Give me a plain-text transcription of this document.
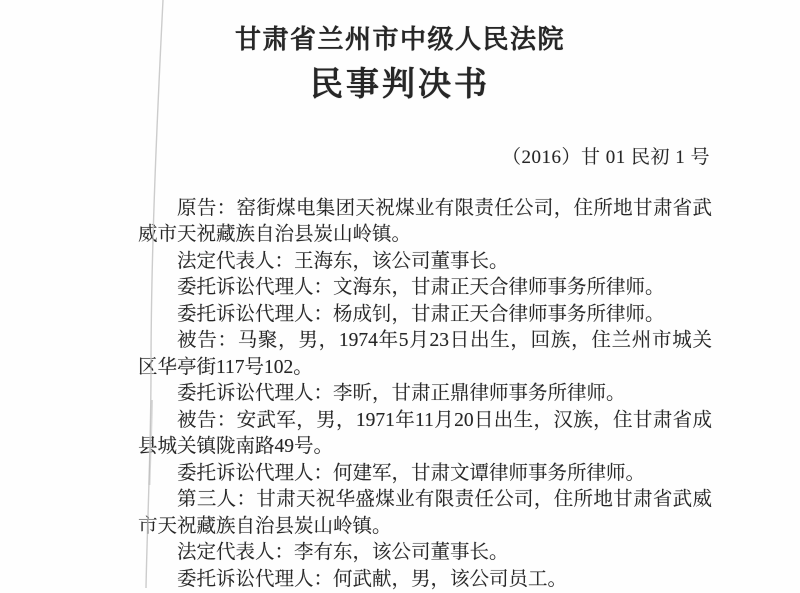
甘肃省兰州市中级人民法院
民事判决书
（2016）甘 01 民初 1 号

原告：窑街煤电集团天祝煤业有限责任公司，住所地甘肃省武威市天祝藏族自治县炭山岭镇。

法定代表人：王海东，该公司董事长。

委托诉讼代理人：文海东，甘肃正天合律师事务所律师。

委托诉讼代理人：杨成钊，甘肃正天合律师事务所律师。

被告：马聚，男，1974年5月23日出生，回族，住兰州市城关区华亭街117号102。

委托诉讼代理人：李昕，甘肃正鼎律师事务所律师。

被告：安武军，男，1971年11月20日出生，汉族，住甘肃省成县城关镇陇南路49号。

委托诉讼代理人：何建军，甘肃文谭律师事务所律师。

第三人：甘肃天祝华盛煤业有限责任公司，住所地甘肃省武威市天祝藏族自治县炭山岭镇。

法定代表人：李有东，该公司董事长。

委托诉讼代理人：何武献，男，该公司员工。
